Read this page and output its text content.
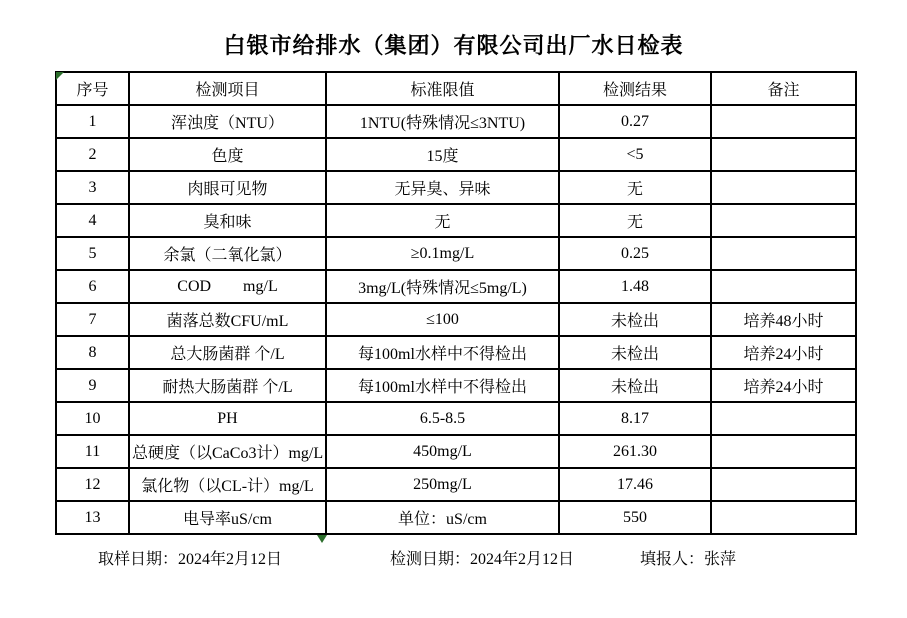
白银市给排水（集团）有限公司出厂水日检表
序号	检测项目	标准限值	检测结果	备注
1	浑浊度（NTU）	1NTU(特殊情况≤3NTU)	0.27	
2	色度	15度	<5	
3	肉眼可见物	无异臭、异味	无	
4	臭和味	无	无	
5	余氯（二氧化氯）	≥0.1mg/L	0.25	
6	COD        mg/L	3mg/L(特殊情况≤5mg/L)	1.48	
7	菌落总数CFU/mL	≤100	未检出	培养48小时
8	总大肠菌群 个/L	每100ml水样中不得检出	未检出	培养24小时
9	耐热大肠菌群 个/L	每100ml水样中不得检出	未检出	培养24小时
10	PH	6.5-8.5	8.17	
11	总硬度（以CaCo3计）mg/L	450mg/L	261.30	
12	氯化物（以CL-计）mg/L	250mg/L	17.46	
13	电导率uS/cm	单位：uS/cm	550	
取样日期：2024年2月12日	检测日期：2024年2月12日	填报人：张萍
